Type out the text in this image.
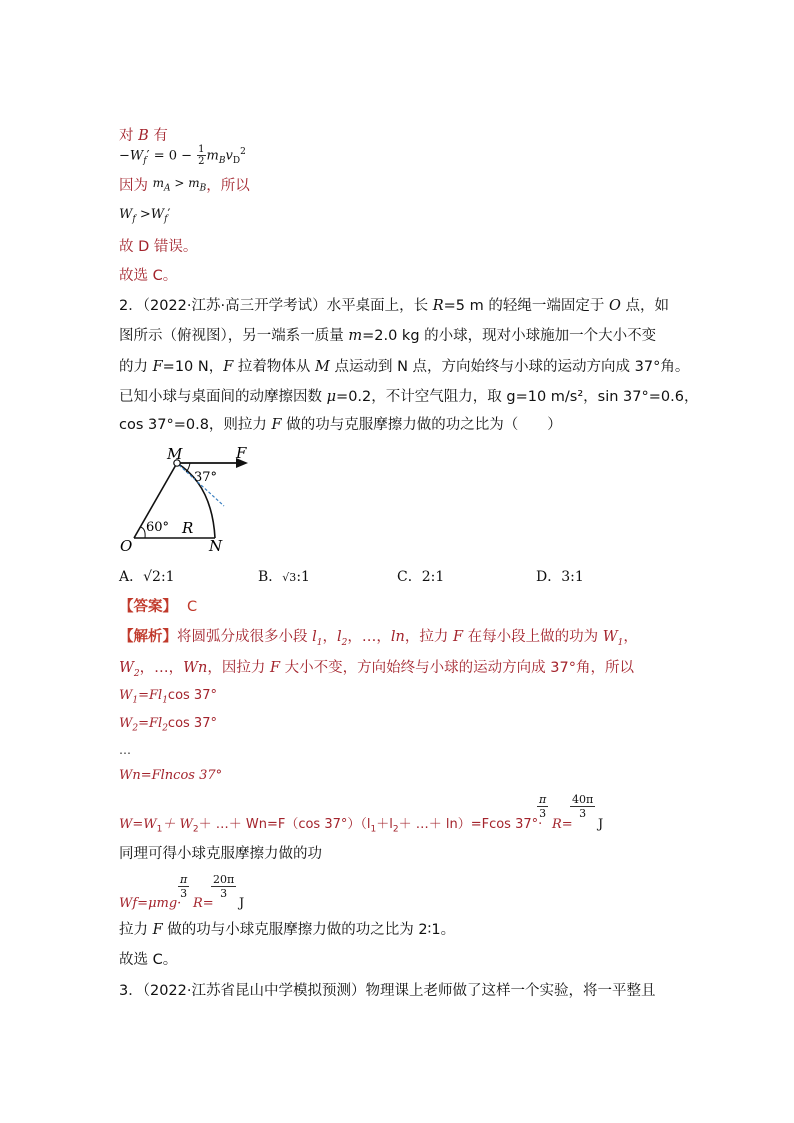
对 B 有
$-W_f' = 0 - \frac{1}{2} m_Bv_D^2$
因为 $^{m_A > m_B}$，所以
$W_f >W_f'$
故 D 错误。
故选 C。
2．（2022·江苏·高三开学考试）水平桌面上，长 R=5 m 的轻绳一端固定于 O 点，如
图所示（俯视图），另一端系一质量 m=2.0 kg 的小球，现对小球施加一个大小不变
的力 F=10 N，F 拉着物体从 M 点运动到 N 点，方向始终与小球的运动方向成 37°角。
已知小球与桌面间的动摩擦因数 μ=0.2，不计空气阻力，取 g=10 m/s²，sin 37°=0.6，
cos 37°=0.8，则拉力 F 做的功与克服摩擦力做的功之比为（　　）
M	F
37°
60° R
O	N
A．√2:1	B．√3:1	C．2:1	D．3:1
【答案】 C
【解析】将圆弧分成很多小段 $l_1$，$l_2$，…，ln，拉力 F 在每小段上做的功为 $W_1$，
$W_2$，…，Wn，因拉力 F 大小不变，方向始终与小球的运动方向成 37°角，所以
$W_1=Fl_1\cos$ 37°
$W_2=Fl_2\cos$ 37°
…
Wn=Flncos 37°
$W=W_1+ W_2+$ …＋ Wn=F（cos $37^\circ)(l_1+l_2+$ …＋ ln）=Fcos 37°·
π
3
R=
40π
3
J
同理可得小球克服摩擦力做的功
Wf=μmg·
π
3
R=
20π
3
J
拉力 F 做的功与小球克服摩擦力做的功之比为 2∶1。
故选 C。
3．（2022·江苏省昆山中学模拟预测）物理课上老师做了这样一个实验，将一平整且
